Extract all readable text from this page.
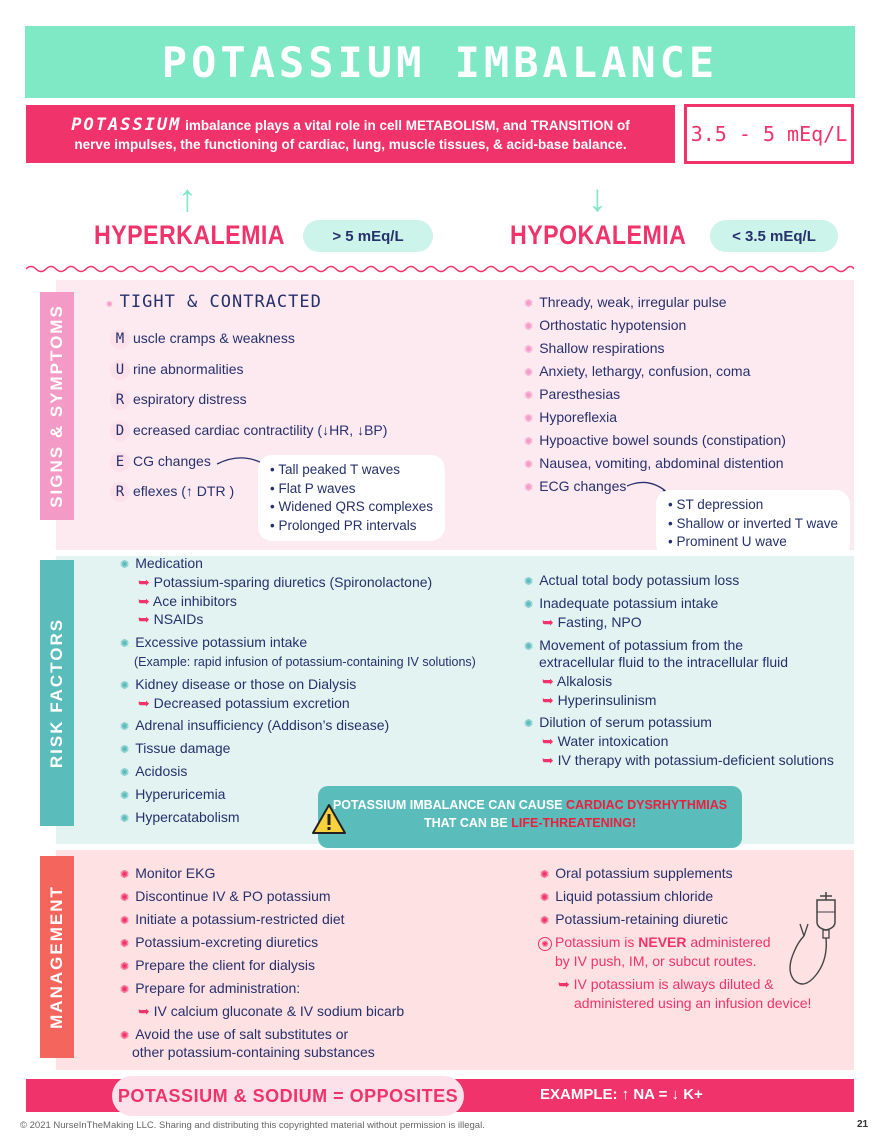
POTASSIUM IMBALANCE
POTASSIUM imbalance plays a vital role in cell METABOLISM, and TRANSITION of
nerve impulses, the functioning of cardiac, lung, muscle tissues, & acid-base balance.	3.5 - 5 mEq/L
↑
HYPERKALEMIA	> 5 mEq/L
↓
HYPOKALEMIA	< 3.5 mEq/L
SIGNS & SYMPTOMS
✺ TIGHT & CONTRACTED
M uscle cramps & weakness
U rine abnormalities
R espiratory distress
D ecreased cardiac contractility (↓HR, ↓BP)
E CG changes
R eflexes (↑ DTR )
• Tall peaked T waves
• Flat P waves
• Widened QRS complexes
• Prolonged PR intervals
✺ Thready, weak, irregular pulse
✺ Orthostatic hypotension
✺ Shallow respirations
✺ Anxiety, lethargy, confusion, coma
✺ Paresthesias
✺ Hyporeflexia
✺ Hypoactive bowel sounds (constipation)
✺ Nausea, vomiting, abdominal distention
✺ ECG changes
• ST depression
• Shallow or inverted T wave
• Prominent U wave
RISK FACTORS
✺ Medication
➥ Potassium-sparing diuretics (Spironolactone)
➥ Ace inhibitors
➥ NSAIDs
✺ Excessive potassium intake
(Example: rapid infusion of potassium-containing IV solutions)
✺ Kidney disease or those on Dialysis
➥ Decreased potassium excretion
✺ Adrenal insufficiency (Addison’s disease)
✺ Tissue damage
✺ Acidosis
✺ Hyperuricemia
✺ Hypercatabolism
✺ Actual total body potassium loss
✺ Inadequate potassium intake
➥ Fasting, NPO
✺ Movement of potassium from the
extracellular fluid to the intracellular fluid
➥ Alkalosis
➥ Hyperinsulinism
✺ Dilution of serum potassium
➥ Water intoxication
➥ IV therapy with potassium-deficient solutions
POTASSIUM IMBALANCE CAN CAUSE CARDIAC DYSRHYTHMIAS
THAT CAN BE LIFE-THREATENING!
MANAGEMENT
✺ Monitor EKG
✺ Discontinue IV & PO potassium
✺ Initiate a potassium-restricted diet
✺ Potassium-excreting diuretics
✺ Prepare the client for dialysis
✺ Prepare for administration:
➥ IV calcium gluconate & IV sodium bicarb
✺ Avoid the use of salt substitutes or
other potassium-containing substances
✺ Oral potassium supplements
✺ Liquid potassium chloride
✺ Potassium-retaining diuretic
✺ Potassium is NEVER administered
by IV push, IM, or subcut routes.
➥ IV potassium is always diluted &
administered using an infusion device!
POTASSIUM & SODIUM = OPPOSITES	EXAMPLE: ↑ NA = ↓ K+
© 2021 NurseInTheMaking LLC. Sharing and distributing this copyrighted material without permission is illegal.	21
